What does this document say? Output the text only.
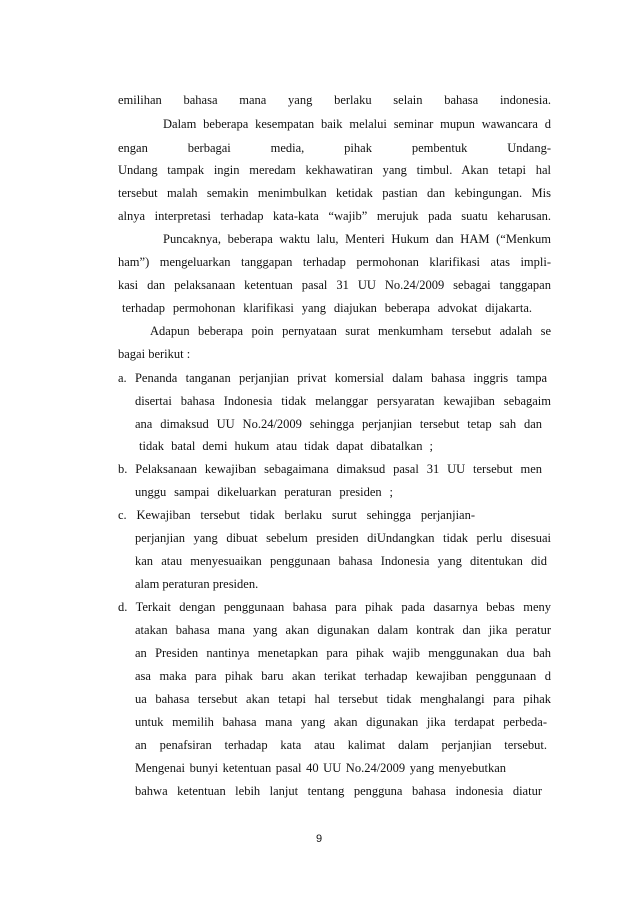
emilihan bahasa mana yang berlaku selain bahasa indonesia.
Dalam beberapa kesempatan baik melalui seminar mupun wawancara d
engan berbagai media, pihak pembentuk Undang-
Undang tampak ingin meredam kekhawatiran yang timbul. Akan tetapi hal
tersebut malah semakin menimbulkan ketidak pastian dan kebingungan. Mis
alnya interpretasi terhadap kata-kata “wajib” merujuk pada suatu keharusan.
Puncaknya, beberapa waktu lalu, Menteri Hukum dan HAM (“Menkum
ham”) mengeluarkan tanggapan terhadap permohonan klarifikasi atas impli-
kasi dan pelaksanaan ketentuan pasal 31 UU No.24/2009 sebagai tanggapan
terhadap permohonan klarifikasi yang diajukan beberapa advokat dijakarta.
Adapun beberapa poin pernyataan surat menkumham tersebut adalah se
bagai berikut :
a. Penanda tanganan perjanjian privat komersial dalam bahasa inggris tampa
disertai bahasa Indonesia tidak melanggar persyaratan kewajiban sebagaim
ana dimaksud UU No.24/2009 sehingga perjanjian tersebut tetap sah dan
tidak batal demi hukum atau tidak dapat dibatalkan ;
b. Pelaksanaan kewajiban sebagaimana dimaksud pasal 31 UU tersebut men
unggu sampai dikeluarkan peraturan presiden ;
c. Kewajiban tersebut tidak berlaku surut sehingga perjanjian-
perjanjian yang dibuat sebelum presiden diUndangkan tidak perlu disesuai
kan atau menyesuaikan penggunaan bahasa Indonesia yang ditentukan did
alam peraturan presiden.
d. Terkait dengan penggunaan bahasa para pihak pada dasarnya bebas meny
atakan bahasa mana yang akan digunakan dalam kontrak dan jika peratur
an Presiden nantinya menetapkan para pihak wajib menggunakan dua bah
asa maka para pihak baru akan terikat terhadap kewajiban penggunaan d
ua bahasa tersebut akan tetapi hal tersebut tidak menghalangi para pihak
untuk memilih bahasa mana yang akan digunakan jika terdapat perbeda-
an penafsiran terhadap kata atau kalimat dalam perjanjian tersebut.
Mengenai bunyi ketentuan pasal 40 UU No.24/2009 yang menyebutkan
bahwa ketentuan lebih lanjut tentang pengguna bahasa indonesia diatur
9
